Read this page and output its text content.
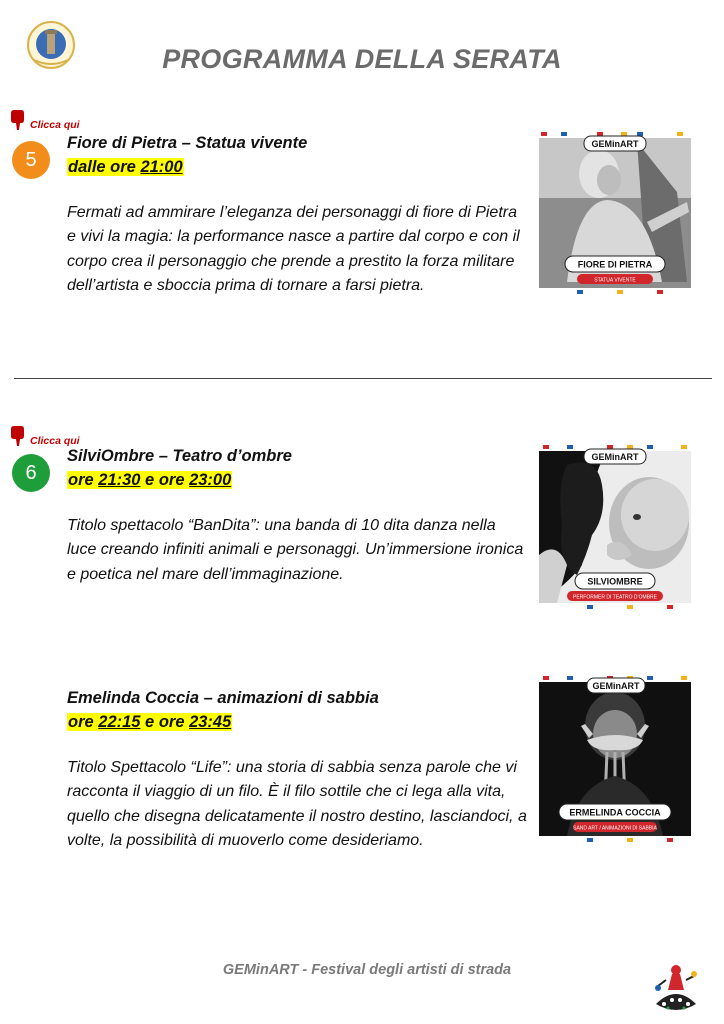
PROGRAMMA DELLA SERATA
Clicca qui
5
Fiore di Pietra – Statua vivente
dalle ore 21:00
Fermati ad ammirare l’eleganza dei personaggi di fiore di Pietra e vivi la magia: la performance nasce a partire dal corpo e con il corpo crea il personaggio che prende a prestito la forza militare dell’artista e sboccia prima di tornare a farsi pietra.
GEMinART
FIORE DI PIETRA
STATUA VIVENTE
Clicca qui
6
SilviOmbre – Teatro d’ombre
ore 21:30 e ore 23:00
Titolo spettacolo “BanDita”: una banda di 10 dita danza nella luce creando infiniti animali e personaggi. Un’immersione ironica e poetica nel mare dell’immaginazione.
GEMinART
SILVIOMBRE
PERFORMER DI TEATRO D’OMBRE
Emelinda Coccia – animazioni di sabbia
ore 22:15 e ore 23:45
Titolo Spettacolo “Life”: una storia di sabbia senza parole che vi racconta il viaggio di un filo. È il filo sottile che ci lega alla vita, quello che disegna delicatamente il nostro destino, lasciandoci, a volte, la possibilità di muoverlo come desideriamo.
GEMinART
ERMELINDA COCCIA
SAND ART / ANIMAZIONI DI SABBIA
GEMinART - Festival degli artisti di strada
